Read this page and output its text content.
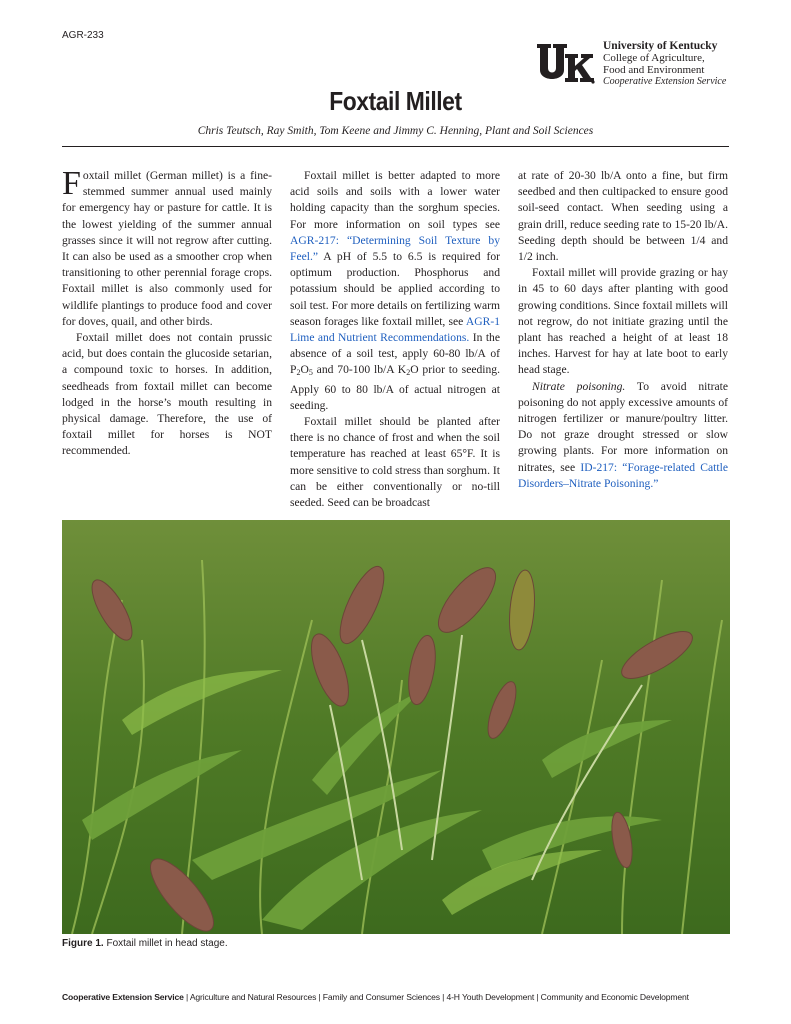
AGR-233
University of Kentucky
College of Agriculture,
Food and Environment
Cooperative Extension Service
Foxtail Millet
Chris Teutsch, Ray Smith, Tom Keene and Jimmy C. Henning, Plant and Soil Sciences

Foxtail millet (German millet) is a fine-stemmed summer annual used mainly for emergency hay or pasture for cattle. It is the lowest yielding of the summer annual grasses since it will not regrow after cutting. It can also be used as a smoother crop when transitioning to other perennial forage crops. Foxtail millet is also commonly used for wildlife plantings to produce food and cover for doves, quail, and other birds.

Foxtail millet does not contain prussic acid, but does contain the glucoside setarian, a compound toxic to horses. In addition, seedheads from foxtail millet can become lodged in the horse’s mouth resulting in physical damage. Therefore, the use of foxtail millet for horses is NOT recommended.

Foxtail millet is better adapted to more acid soils and soils with a lower water holding capacity than the sorghum species. For more information on soil types see AGR-217: “Determining Soil Texture by Feel.” A pH of 5.5 to 6.5 is required for optimum production. Phosphorus and potassium should be applied according to soil test. For more details on fertilizing warm season forages like foxtail millet, see AGR-1 Lime and Nutrient Recommendations. In the absence of a soil test, apply 60-80 lb/A of $P_2O_5$ and 70-100 lb/A $K_2O$ prior to seeding. Apply 60 to 80 lb/A of actual nitrogen at seeding.

Foxtail millet should be planted after there is no chance of frost and when the soil temperature has reached at least 65°F. It is more sensitive to cold stress than sorghum. It can be either conventionally or no-till seeded. Seed can be broadcast

at rate of 20-30 lb/A onto a fine, but firm seedbed and then cultipacked to ensure good soil-seed contact. When seeding using a grain drill, reduce seeding rate to 15-20 lb/A. Seeding depth should be between 1/4 and 1/2 inch.

Foxtail millet will provide grazing or hay in 45 to 60 days after planting with good growing conditions. Since foxtail millets will not regrow, do not initiate grazing until the plant has reached a height of at least 18 inches. Harvest for hay at late boot to early head stage.

Nitrate poisoning. To avoid nitrate poisoning do not apply excessive amounts of nitrogen fertilizer or manure/poultry litter. Do not graze drought stressed or slow growing plants. For more information on nitrates, see ID-217: “Forage-related Cattle Disorders–Nitrate Poisoning.”

Figure 1. Foxtail millet in head stage.
Cooperative Extension Service | Agriculture and Natural Resources | Family and Consumer Sciences | 4-H Youth Development | Community and Economic Development
